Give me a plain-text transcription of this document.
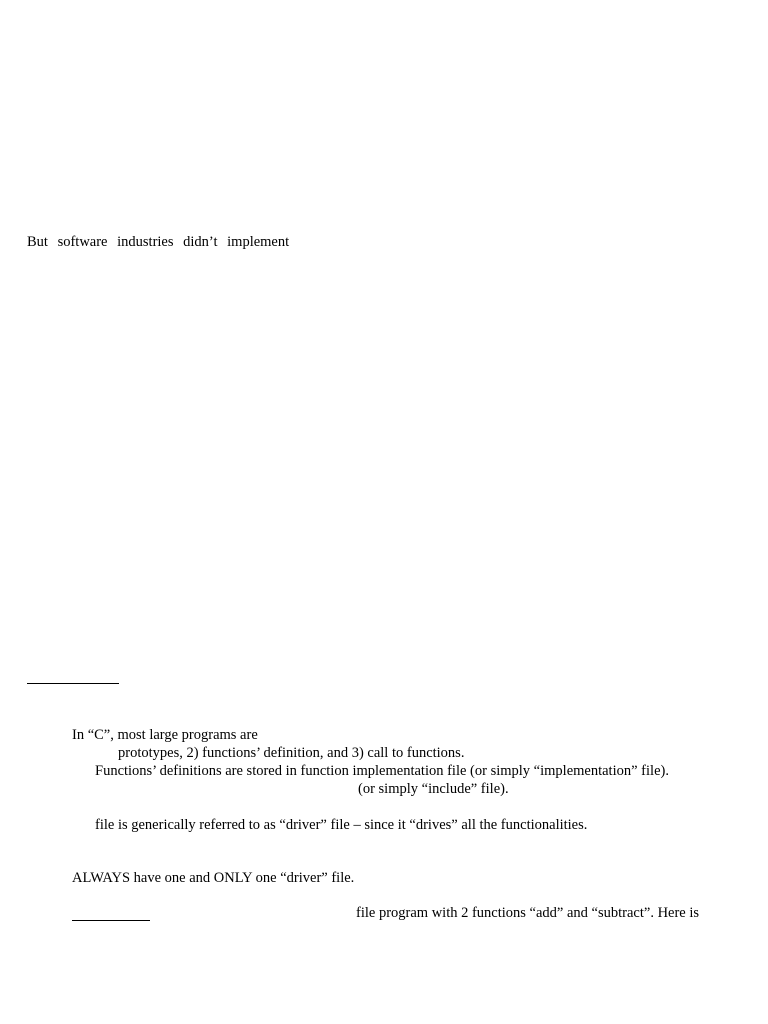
But software industries didn’t implement
In “C”, most large programs are
prototypes, 2) functions’ definition, and 3) call to functions.
Functions’ definitions are stored in function implementation file (or simply “implementation” file).
(or simply “include” file).
file is generically referred to as “driver” file – since it “drives” all the functionalities.
ALWAYS have one and ONLY one “driver” file.
file program with 2 functions “add” and “subtract”. Here is
